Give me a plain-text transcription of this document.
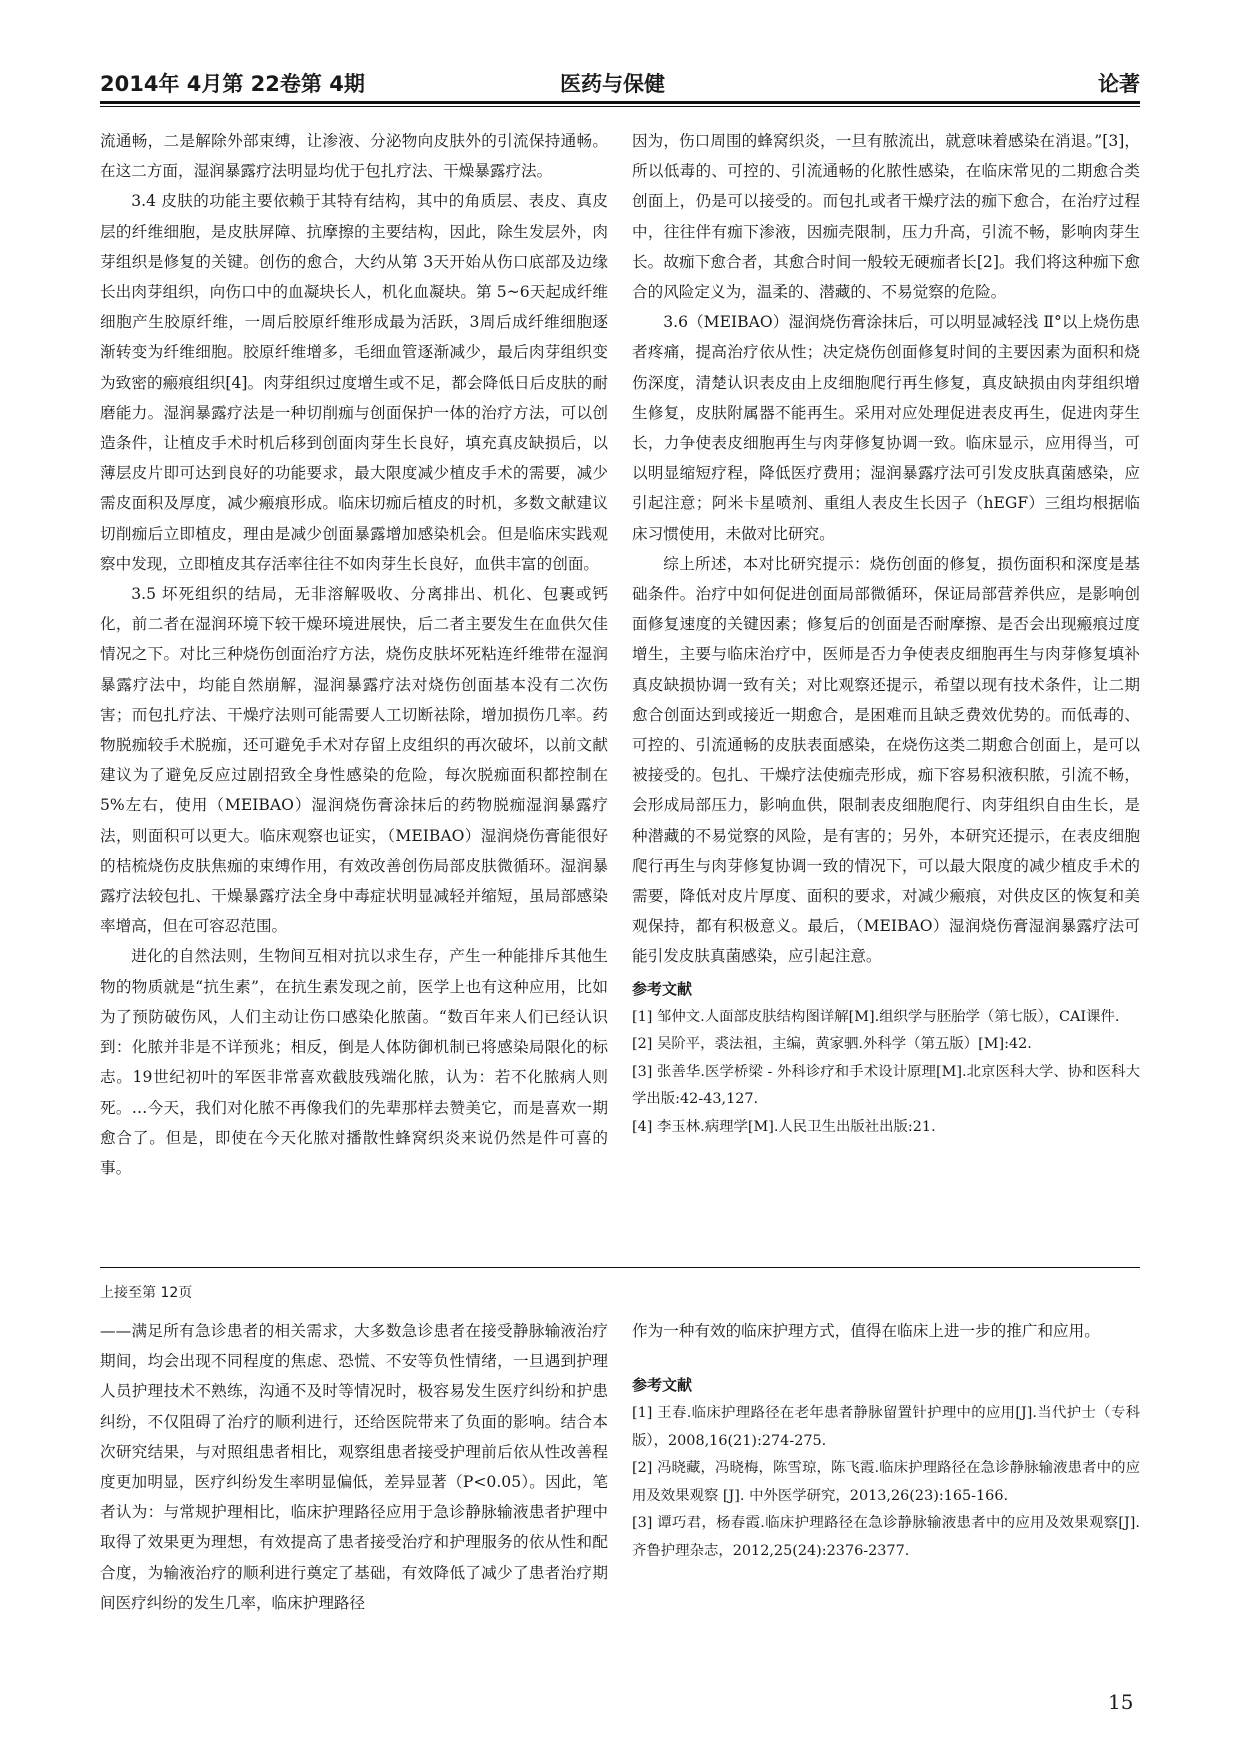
2014年 4月第 22卷第 4期	医药与保健	论著

流通畅，二是解除外部束缚，让渗液、分泌物向皮肤外的引流保持通畅。在这二方面，湿润暴露疗法明显均优于包扎疗法、干燥暴露疗法。

3.4 皮肤的功能主要依赖于其特有结构，其中的角质层、表皮、真皮层的纤维细胞，是皮肤屏障、抗摩擦的主要结构，因此，除生发层外，肉芽组织是修复的关键。创伤的愈合，大约从第 3天开始从伤口底部及边缘长出肉芽组织，向伤口中的血凝块长人，机化血凝块。第 5~6天起成纤维细胞产生胶原纤维，一周后胶原纤维形成最为活跃，3周后成纤维细胞逐渐转变为纤维细胞。胶原纤维增多，毛细血管逐渐减少，最后肉芽组织变为致密的瘢痕组织[4]。肉芽组织过度增生或不足，都会降低日后皮肤的耐磨能力。湿润暴露疗法是一种切削痂与创面保护一体的治疗方法，可以创造条件，让植皮手术时机后移到创面肉芽生长良好，填充真皮缺损后，以薄层皮片即可达到良好的功能要求，最大限度减少植皮手术的需要，减少需皮面积及厚度，减少瘢痕形成。临床切痂后植皮的时机，多数文献建议切削痂后立即植皮，理由是减少创面暴露增加感染机会。但是临床实践观察中发现，立即植皮其存活率往往不如肉芽生长良好，血供丰富的创面。

3.5 坏死组织的结局，无非溶解吸收、分离排出、机化、包裹或钙化，前二者在湿润环境下较干燥环境进展快，后二者主要发生在血供欠佳情况之下。对比三种烧伤创面治疗方法，烧伤皮肤坏死粘连纤维带在湿润暴露疗法中，均能自然崩解，湿润暴露疗法对烧伤创面基本没有二次伤害；而包扎疗法、干燥疗法则可能需要人工切断祛除，增加损伤几率。药物脱痂较手术脱痂，还可避免手术对存留上皮组织的再次破坏，以前文献建议为了避免反应过剧招致全身性感染的危险，每次脱痂面积都控制在 5%左右，使用（MEIBAO）湿润烧伤膏涂抹后的药物脱痂湿润暴露疗法，则面积可以更大。临床观察也证实，（MEIBAO）湿润烧伤膏能很好的桔梳烧伤皮肤焦痂的束缚作用，有效改善创伤局部皮肤微循环。湿润暴露疗法较包扎、干燥暴露疗法全身中毒症状明显减轻并缩短，虽局部感染率增高，但在可容忍范围。

进化的自然法则，生物间互相对抗以求生存，产生一种能排斥其他生物的物质就是“抗生素”，在抗生素发现之前，医学上也有这种应用，比如为了预防破伤风，人们主动让伤口感染化脓菌。“数百年来人们已经认识到：化脓并非是不详预兆；相反，倒是人体防御机制已将感染局限化的标志。19世纪初叶的军医非常喜欢截肢残端化脓，认为：若不化脓病人则死。…今天，我们对化脓不再像我们的先辈那样去赞美它，而是喜欢一期愈合了。但是，即使在今天化脓对播散性蜂窝织炎来说仍然是件可喜的事。

因为，伤口周围的蜂窝织炎，一旦有脓流出，就意味着感染在消退。”[3]，所以低毒的、可控的、引流通畅的化脓性感染，在临床常见的二期愈合类创面上，仍是可以接受的。而包扎或者干燥疗法的痂下愈合，在治疗过程中，往往伴有痂下渗液，因痂壳限制，压力升高，引流不畅，影响肉芽生长。故痂下愈合者，其愈合时间一般较无硬痂者长[2]。我们将这种痂下愈合的风险定义为，温柔的、潜藏的、不易觉察的危险。

3.6（MEIBAO）湿润烧伤膏涂抹后，可以明显减轻浅 Ⅱ°以上烧伤患者疼痛，提高治疗依从性；决定烧伤创面修复时间的主要因素为面积和烧伤深度，清楚认识表皮由上皮细胞爬行再生修复，真皮缺损由肉芽组织增生修复，皮肤附属器不能再生。采用对应处理促进表皮再生，促进肉芽生长，力争使表皮细胞再生与肉芽修复协调一致。临床显示，应用得当，可以明显缩短疗程，降低医疗费用；湿润暴露疗法可引发皮肤真菌感染，应引起注意；阿米卡星喷剂、重组人表皮生长因子（hEGF）三组均根据临床习惯使用，未做对比研究。

综上所述，本对比研究提示：烧伤创面的修复，损伤面积和深度是基础条件。治疗中如何促进创面局部微循环，保证局部营养供应，是影响创面修复速度的关键因素；修复后的创面是否耐摩擦、是否会出现瘢痕过度增生，主要与临床治疗中，医师是否力争使表皮细胞再生与肉芽修复填补真皮缺损协调一致有关；对比观察还提示，希望以现有技术条件，让二期愈合创面达到或接近一期愈合，是困难而且缺乏费效优势的。而低毒的、可控的、引流通畅的皮肤表面感染，在烧伤这类二期愈合创面上，是可以被接受的。包扎、干燥疗法使痂壳形成，痂下容易积液积脓，引流不畅，会形成局部压力，影响血供，限制表皮细胞爬行、肉芽组织自由生长，是种潜藏的不易觉察的风险，是有害的；另外，本研究还提示，在表皮细胞爬行再生与肉芽修复协调一致的情况下，可以最大限度的减少植皮手术的需要，降低对皮片厚度、面积的要求，对减少瘢痕，对供皮区的恢复和美观保持，都有积极意义。最后，（MEIBAO）湿润烧伤膏湿润暴露疗法可能引发皮肤真菌感染，应引起注意。

参考文献

[1] 邹仲文.人面部皮肤结构图详解[M].组织学与胚胎学（第七版），CAI课件.

[2] 吴阶平，裘法祖，主编，黄家驷.外科学（第五版）[M]:42.

[3] 张善华.医学桥梁 - 外科诊疗和手术设计原理[M].北京医科大学、协和医科大学出版:42-43,127.

[4] 李玉林.病理学[M].人民卫生出版社出版:21.

上接至第 12页

——满足所有急诊患者的相关需求，大多数急诊患者在接受静脉输液治疗期间，均会出现不同程度的焦虑、恐慌、不安等负性情绪，一旦遇到护理人员护理技术不熟练，沟通不及时等情况时，极容易发生医疗纠纷和护患纠纷，不仅阻碍了治疗的顺利进行，还给医院带来了负面的影响。结合本次研究结果，与对照组患者相比，观察组患者接受护理前后依从性改善程度更加明显，医疗纠纷发生率明显偏低，差异显著（P<0.05）。因此，笔者认为：与常规护理相比，临床护理路径应用于急诊静脉输液患者护理中取得了效果更为理想，有效提高了患者接受治疗和护理服务的依从性和配合度，为输液治疗的顺利进行奠定了基础，有效降低了减少了患者治疗期间医疗纠纷的发生几率，临床护理路径

作为一种有效的临床护理方式，值得在临床上进一步的推广和应用。

参考文献

[1] 王春.临床护理路径在老年患者静脉留置针护理中的应用[J].当代护士（专科版），2008,16(21):274-275.

[2] 冯晓藏，冯晓梅，陈雪琼，陈飞霞.临床护理路径在急诊静脉输液患者中的应用及效果观察 [J]. 中外医学研究，2013,26(23):165-166.

[3] 谭巧君，杨春霞.临床护理路径在急诊静脉输液患者中的应用及效果观察[J].齐鲁护理杂志，2012,25(24):2376-2377.

15
